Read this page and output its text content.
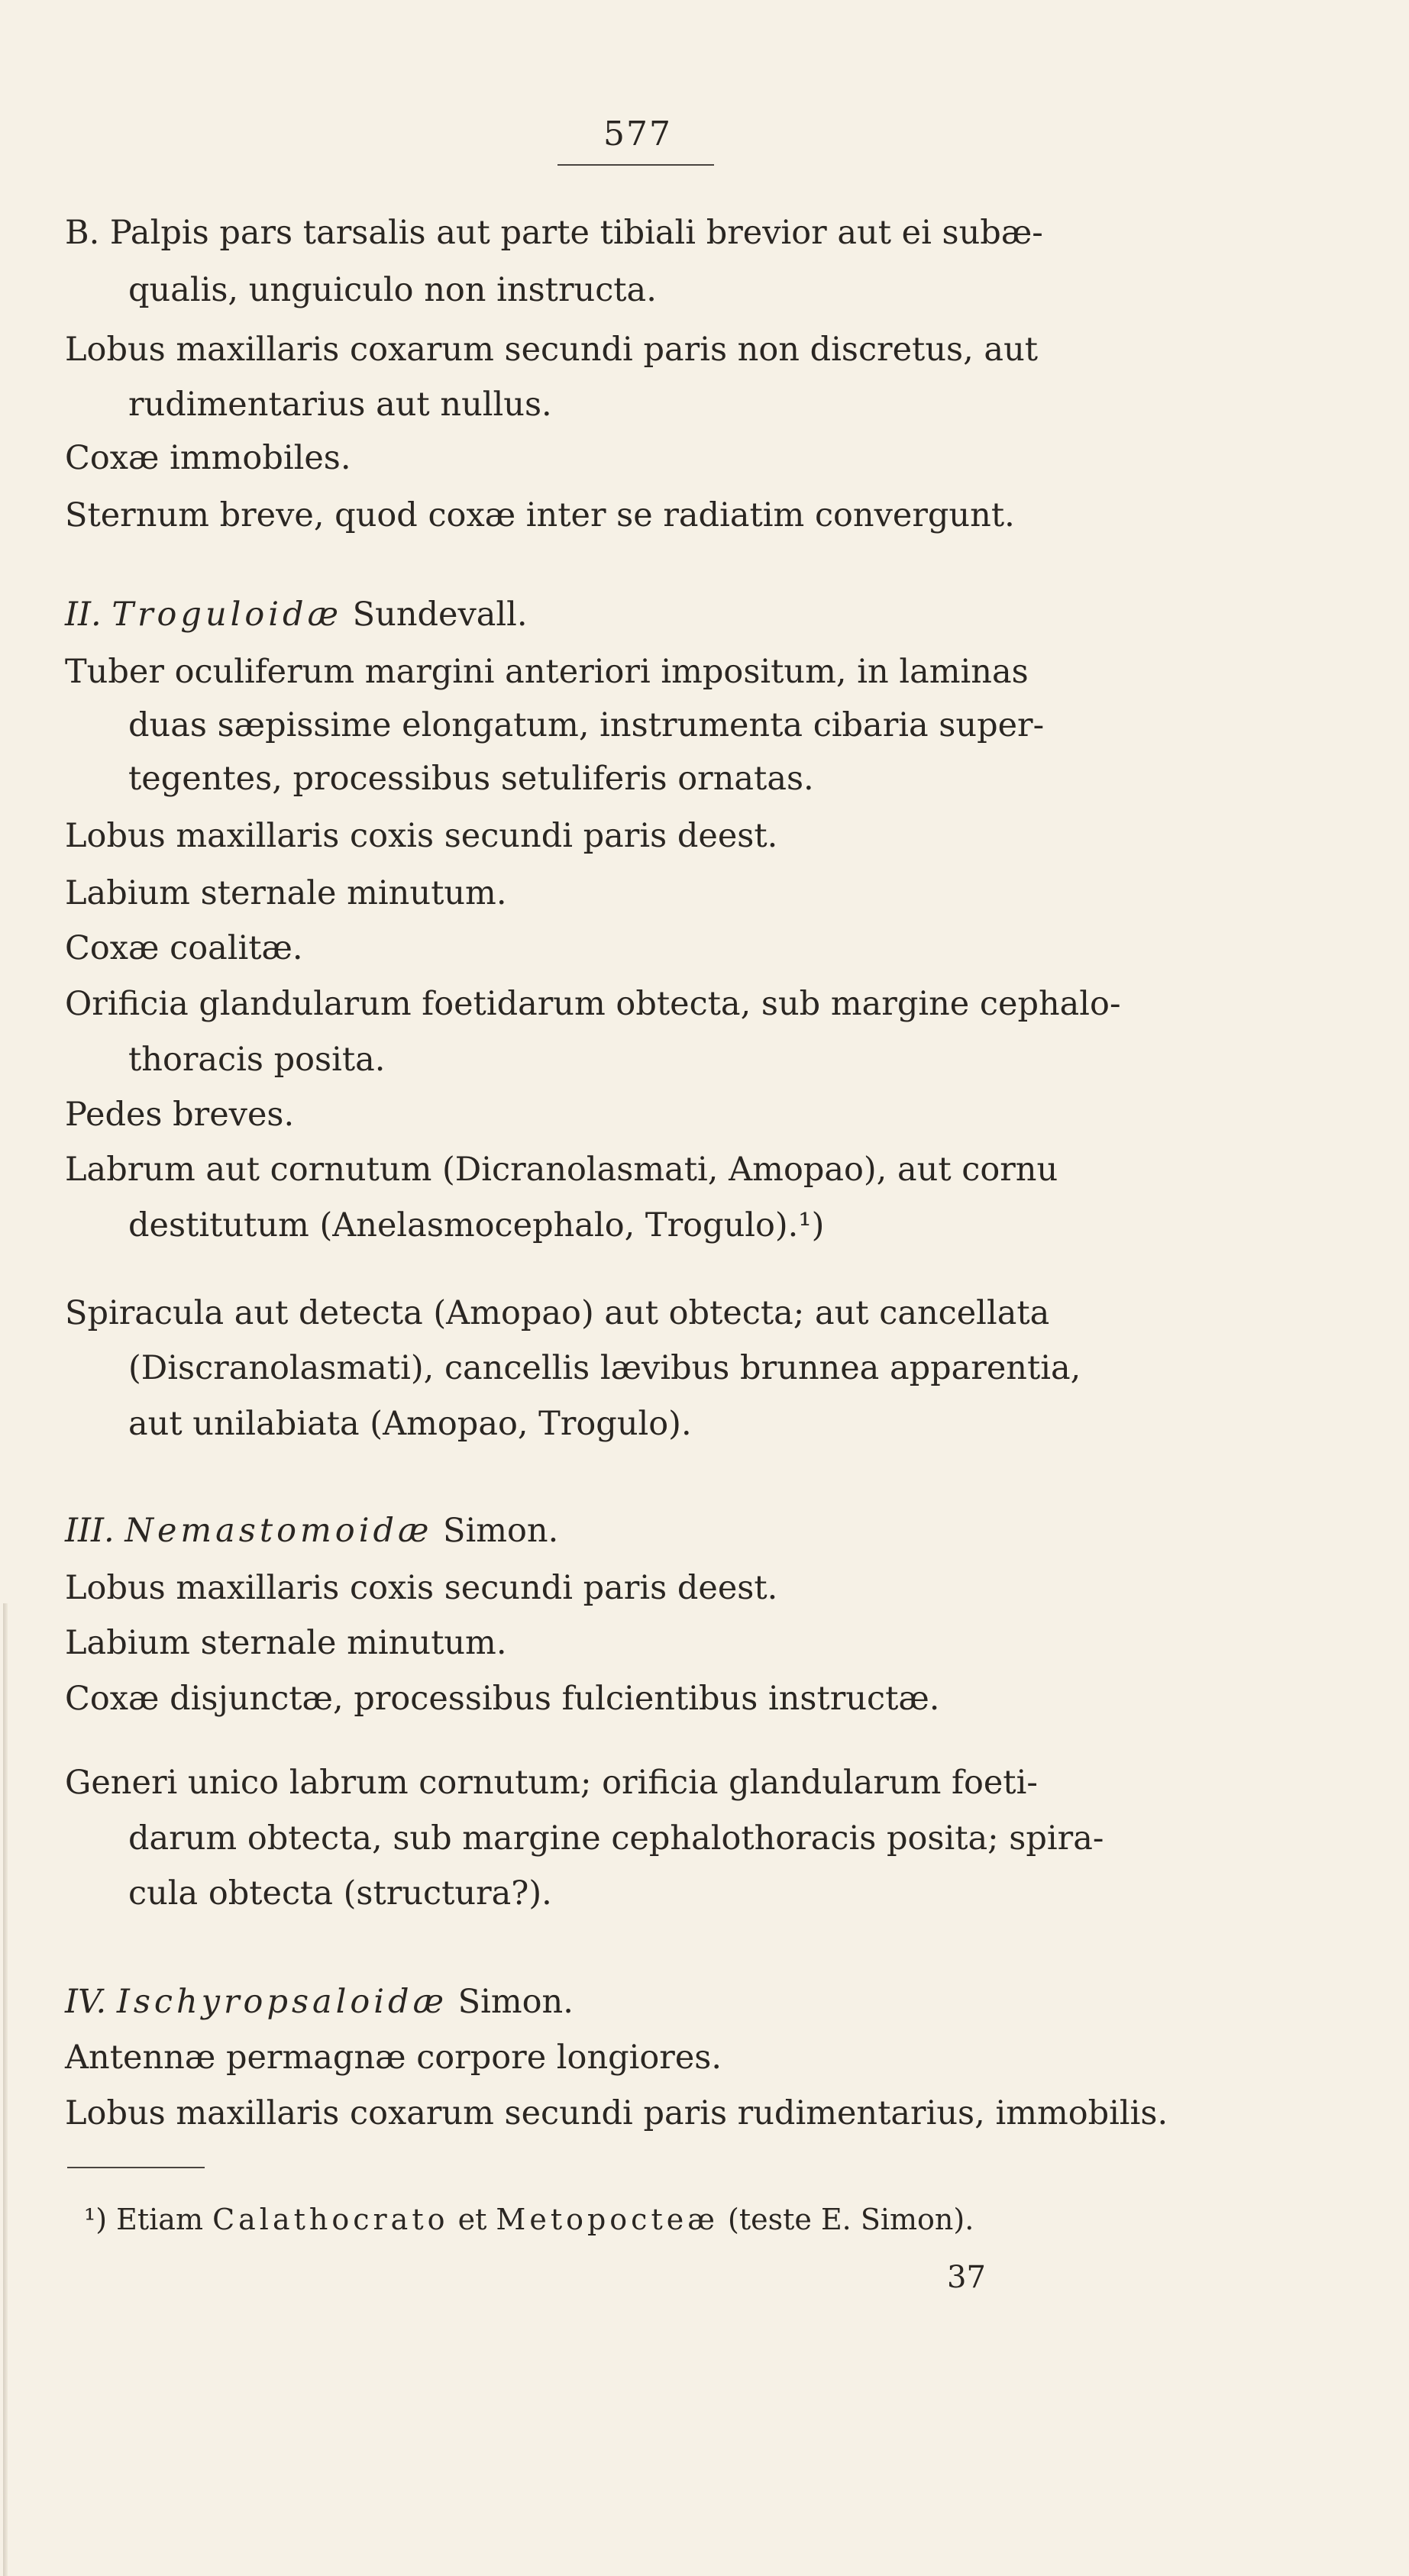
577
B. Palpis pars tarsalis aut parte tibiali brevior aut ei subæ-
qualis, unguiculo non instructa.
Lobus maxillaris coxarum secundi paris non discretus, aut
rudimentarius aut nullus.
Coxæ immobiles.
Sternum breve, quod coxæ inter se radiatim convergunt.
II. Troguloidæ Sundevall.
Tuber oculiferum margini anteriori impositum, in laminas
duas sæpissime elongatum, instrumenta cibaria super-
tegentes, processibus setuliferis ornatas.
Lobus maxillaris coxis secundi paris deest.
Labium sternale minutum.
Coxæ coalitæ.
Orificia glandularum foetidarum obtecta, sub margine cephalo-
thoracis posita.
Pedes breves.
Labrum aut cornutum (Dicranolasmati, Amopao), aut cornu
destitutum (Anelasmocephalo, Trogulo).¹)
Spiracula aut detecta (Amopao) aut obtecta; aut cancellata
(Discranolasmati), cancellis lævibus brunnea apparentia,
aut unilabiata (Amopao, Trogulo).
III. Nemastomoidæ Simon.
Lobus maxillaris coxis secundi paris deest.
Labium sternale minutum.
Coxæ disjunctæ, processibus fulcientibus instructæ.
Generi unico labrum cornutum; orificia glandularum foeti-
darum obtecta, sub margine cephalothoracis posita; spira-
cula obtecta (structura?).
IV. Ischyropsaloidæ Simon.
Antennæ permagnæ corpore longiores.
Lobus maxillaris coxarum secundi paris rudimentarius, immobilis.
¹) Etiam Calathocrato et Metopocteæ (teste E. Simon).
37
